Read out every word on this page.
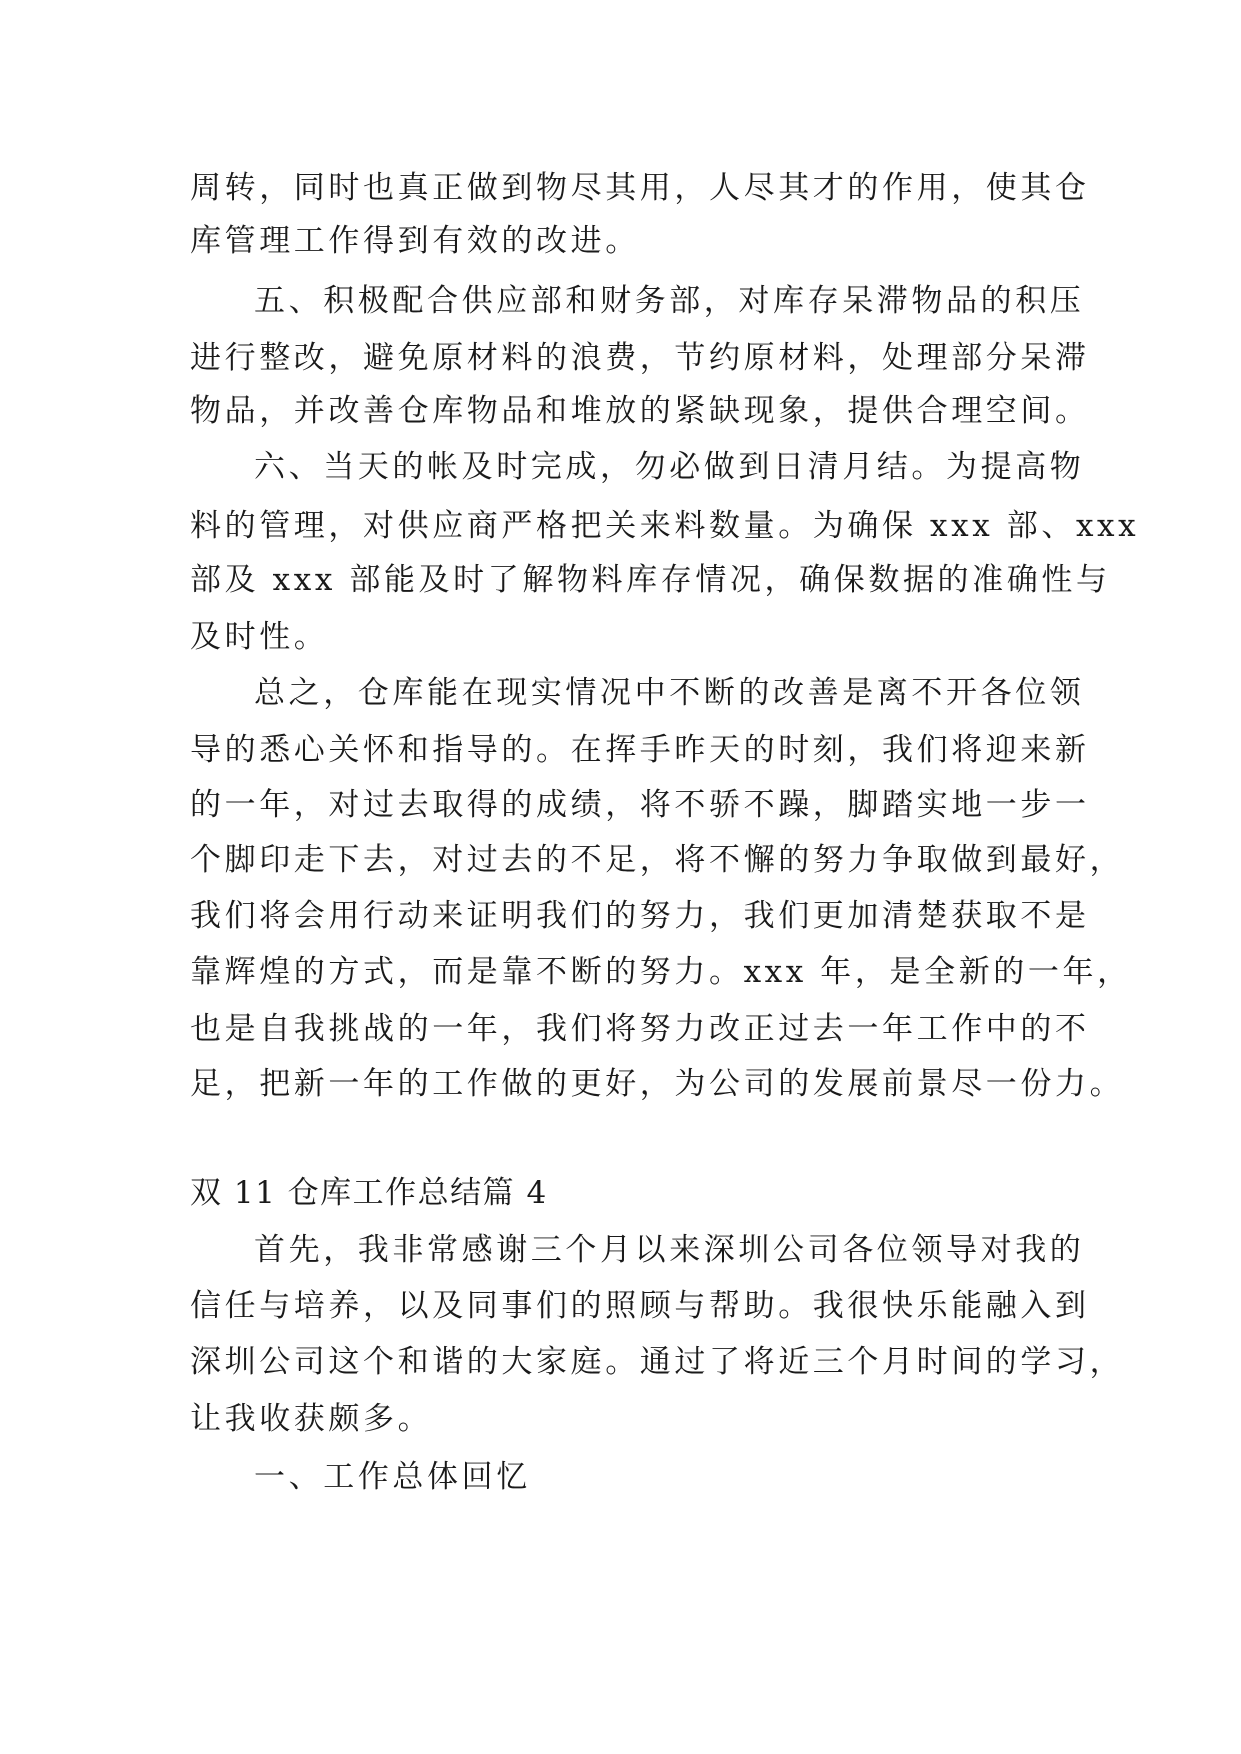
周转，同时也真正做到物尽其用，人尽其才的作用，使其仓
库管理工作得到有效的改进。
五、积极配合供应部和财务部，对库存呆滞物品的积压
进行整改，避免原材料的浪费，节约原材料，处理部分呆滞
物品，并改善仓库物品和堆放的紧缺现象，提供合理空间。
六、当天的帐及时完成，勿必做到日清月结。为提高物
料的管理，对供应商严格把关来料数量。为确保 xxx 部、xxx
部及 xxx 部能及时了解物料库存情况，确保数据的准确性与
及时性。
总之，仓库能在现实情况中不断的改善是离不开各位领
导的悉心关怀和指导的。在挥手昨天的时刻，我们将迎来新
的一年，对过去取得的成绩，将不骄不躁，脚踏实地一步一
个脚印走下去，对过去的不足，将不懈的努力争取做到最好，
我们将会用行动来证明我们的努力，我们更加清楚获取不是
靠辉煌的方式，而是靠不断的努力。xxx 年，是全新的一年，
也是自我挑战的一年，我们将努力改正过去一年工作中的不
足，把新一年的工作做的更好，为公司的发展前景尽一份力。
双 11 仓库工作总结篇 4
首先，我非常感谢三个月以来深圳公司各位领导对我的
信任与培养，以及同事们的照顾与帮助。我很快乐能融入到
深圳公司这个和谐的大家庭。通过了将近三个月时间的学习，
让我收获颇多。
一、工作总体回忆
